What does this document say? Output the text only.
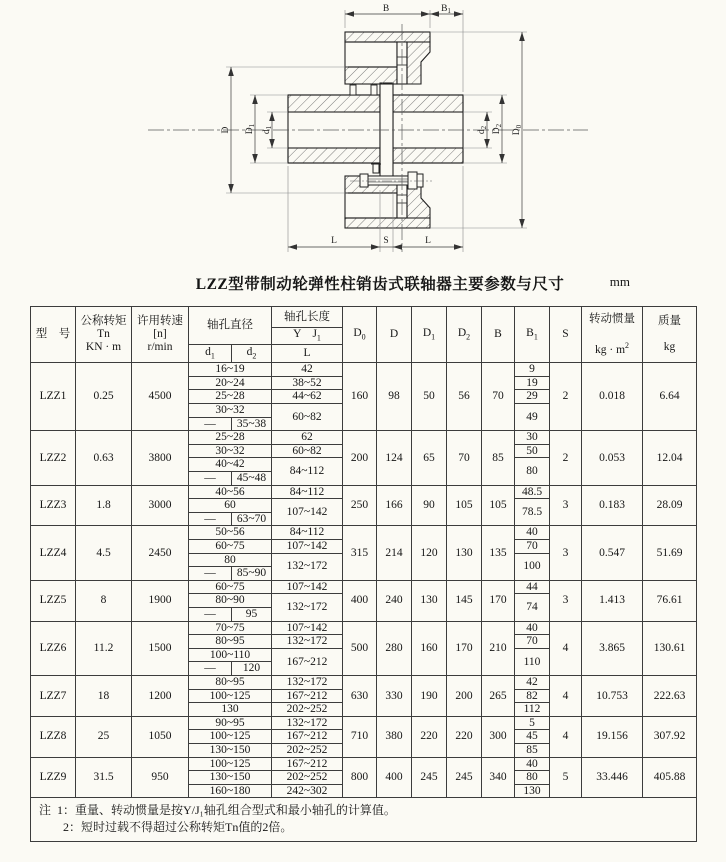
B	$B_1$
D $D_1$
$d_1$
$d_2$ $D_2$
$D_0$
L	S	L
LZZ型带制动轮弹性柱销齿式联轴器主要参数与尺寸	mm
型　号	
公称转矩
Tn
KN · m

许用转速
[n]
r/min
	轴孔直径	轴孔长度	$D_0$	D	$D_1$	$D_2$	B	$B_1$	S	
转动惯量
kg · $m^2$

质量
kg

					Y　$J_1$
			$d_1$	$d_2$	L									
LZZ1	0.25	4500	16~19		42	160	98	50	56	70	9	2	0.018	6.64
			20~24		38~52						19			
			25~28		44~62						29			
			30~32		60~82						49			
			—	35~38										
LZZ2	0.63	3800	25~28		62	200	124	65	70	85	30	2	0.053	12.04
			30~32		60~82						50			
			40~42		84~112						80			
			—	45~48										
LZZ3	1.8	3000	40~56		84~112	250	166	90	105	105	48.5	3	0.183	28.09
			60		107~142						78.5			
			—	63~70										
LZZ4	4.5	2450	50~56		84~112	315	214	120	130	135	40	3	0.547	51.69
			60~75		107~142						70			
			80		132~172						100			
			—	85~90										
LZZ5	8	1900	60~75		107~142	400	240	130	145	170	44	3	1.413	76.61
			80~90		132~172						74			
			—	95										
LZZ6	11.2	1500	70~75		107~142	500	280	160	170	210	40	4	3.865	130.61
			80~95		132~172						70			
			100~110		167~212						110			
			—	120										
LZZ7	18	1200	80~95		132~172	630	330	190	200	265	42	4	10.753	222.63
			100~125		167~212						82			
			130		202~252						112			
LZZ8	25	1050	90~95		132~172	710	380	220	220	300	5	4	19.156	307.92
			100~125		167~212						45			
			130~150		202~252						85			
LZZ9	31.5	950	100~125		167~212	800	400	245	245	340	40	5	33.446	405.88
			130~150		202~252						80			
			160~180		242~302						130			

注 1：重量、转动惯量是按Y/J₁轴孔组合型式和最小轴孔的计算值。
2：短时过载不得超过公称转矩Tn值的2倍。														
